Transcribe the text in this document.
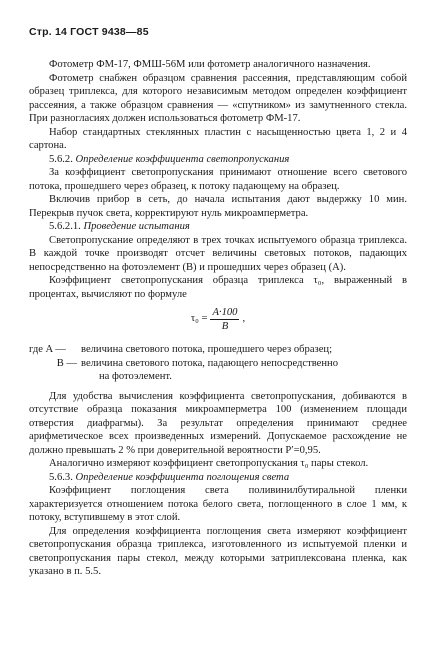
Стр. 14 ГОСТ 9438—85

Фотометр ФМ-17, ФМШ-56М или фотометр аналогичного назначения.

Фотометр снабжен образцом сравнения рассеяния, представляющим собой образец триплекса, для которого независимым методом определен коэффициент рассеяния, а также образцом сравнения — «спутником» из замутненного стекла. При разногласиях должен использоваться фотометр ФМ-17.

Набор стандартных стеклянных пластин с насыщенностью цвета 1, 2 и 4 сартона.

5.6.2. Определение коэффициента светопропускания

За коэффициент светопропускания принимают отношение всего светового потока, прошедшего через образец, к потоку падающему на образец.

Включив прибор в сеть, до начала испытания дают выдержку 10 мин. Перекрыв пучок света, корректируют нуль микроамперметра.

5.6.2.1. Проведение испытания

Светопропускание определяют в трех точках испытуемого образца триплекса. В каждой точке производят отсчет величины световых потоков, падающих непосредственно на фотоэлемент (B) и прошедших через образец (A).

Коэффициент светопропускания образца триплекса τ₀, выраженный в процентах, вычисляют по формуле

$\tau_0 = \frac{A\cdot 100}{B}$ ,
где A —	величина светового потока, прошедшего через образец;
B — величина светового потока, падающего непосредственно
на фотоэлемент.

Для удобства вычисления коэффициента светопропускания, добиваются в отсутствие образца показания микроамперметра 100 (изменением площади отверстия диафрагмы). За результат определения принимают среднее арифметическое всех произведенных измерений. Допускаемое расхождение не должно превышать 2 % при доверительной вероятности P′=0,95.

Аналогично измеряют коэффициент светопропускания τ₀ пары стекол.

5.6.3. Определение коэффициента поглощения света

Коэффициент поглощения света поливинилбутиральной пленки характеризуется отношением потока белого света, поглощенного в слое 1 мм, к потоку, вступившему в этот слой.

Для определения коэффициента поглощения света измеряют коэффициент светопропускания образца триплекса, изготовленного из испытуемой пленки и светопропускания пары стекол, между которыми затриплексована пленка, как указано в п. 5.5.
